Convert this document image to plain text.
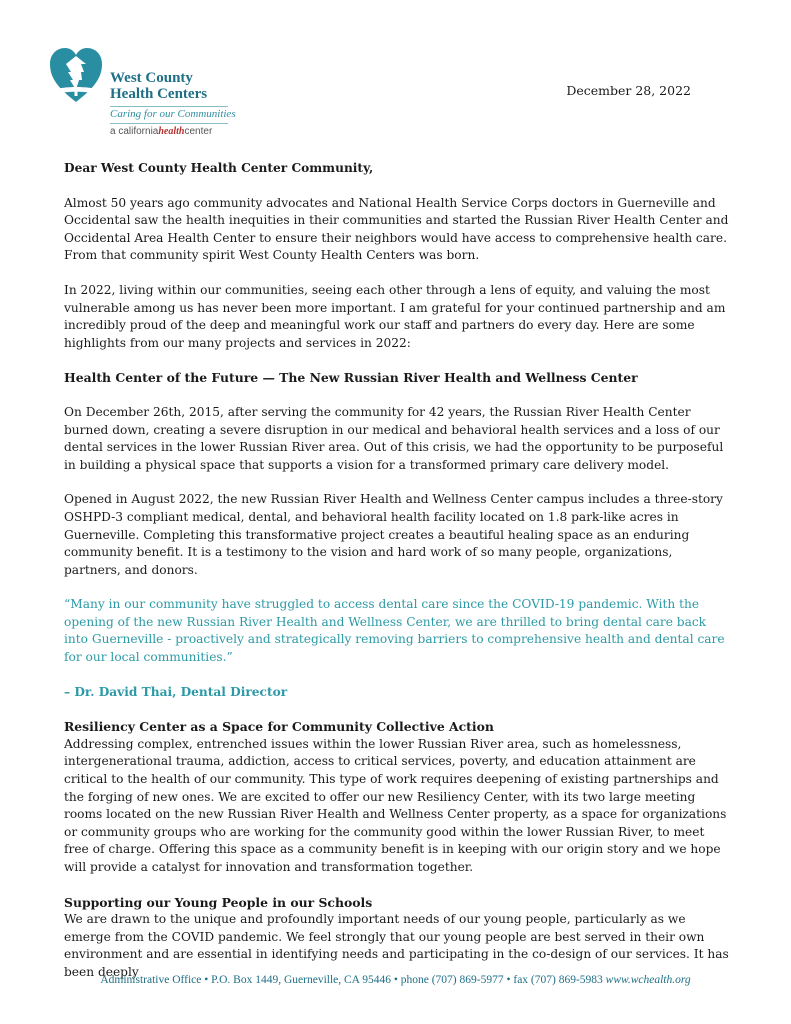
West County
Health Centers
Caring for our Communities
a californiahealthcenter
December 28, 2022

Dear West County Health Center Community,

Almost 50 years ago community advocates and National Health Service Corps doctors in Guerneville and Occidental saw the health inequities in their communities and started the Russian River Health Center and Occidental Area Health Center to ensure their neighbors would have access to comprehensive health care. From that community spirit West County Health Centers was born.

In 2022, living within our communities, seeing each other through a lens of equity, and valuing the most vulnerable among us has never been more important. I am grateful for your continued partnership and am incredibly proud of the deep and meaningful work our staff and partners do every day. Here are some highlights from our many projects and services in 2022:

Health Center of the Future — The New Russian River Health and Wellness Center

On December 26th, 2015, after serving the community for 42 years, the Russian River Health Center burned down, creating a severe disruption in our medical and behavioral health services and a loss of our dental services in the lower Russian River area. Out of this crisis, we had the opportunity to be purposeful in building a physical space that supports a vision for a transformed primary care delivery model.

Opened in August 2022, the new Russian River Health and Wellness Center campus includes a three-story OSHPD-3 compliant medical, dental, and behavioral health facility located on 1.8 park-like acres in Guerneville. Completing this transformative project creates a beautiful healing space as an enduring community benefit. It is a testimony to the vision and hard work of so many people, organizations, partners, and donors.

“Many in our community have struggled to access dental care since the COVID-19 pandemic. With the opening of the new Russian River Health and Wellness Center, we are thrilled to bring dental care back into Guerneville - proactively and strategically removing barriers to comprehensive health and dental care for our local communities.”

– Dr. David Thai, Dental Director

Resiliency Center as a Space for Community Collective Action

Addressing complex, entrenched issues within the lower Russian River area, such as homelessness, intergenerational trauma, addiction, access to critical services, poverty, and education attainment are critical to the health of our community. This type of work requires deepening of existing partnerships and the forging of new ones. We are excited to offer our new Resiliency Center, with its two large meeting rooms located on the new Russian River Health and Wellness Center property, as a space for organizations or community groups who are working for the community good within the lower Russian River, to meet free of charge. Offering this space as a community benefit is in keeping with our origin story and we hope will provide a catalyst for innovation and transformation together.

Supporting our Young People in our Schools

We are drawn to the unique and profoundly important needs of our young people, particularly as we emerge from the COVID pandemic. We feel strongly that our young people are best served in their own environment and are essential in identifying needs and participating in the co-design of our services. It has been deeply

Administrative Office • P.O. Box 1449, Guerneville, CA 95446 • phone (707) 869-5977 • fax (707) 869-5983 www.wchealth.org
